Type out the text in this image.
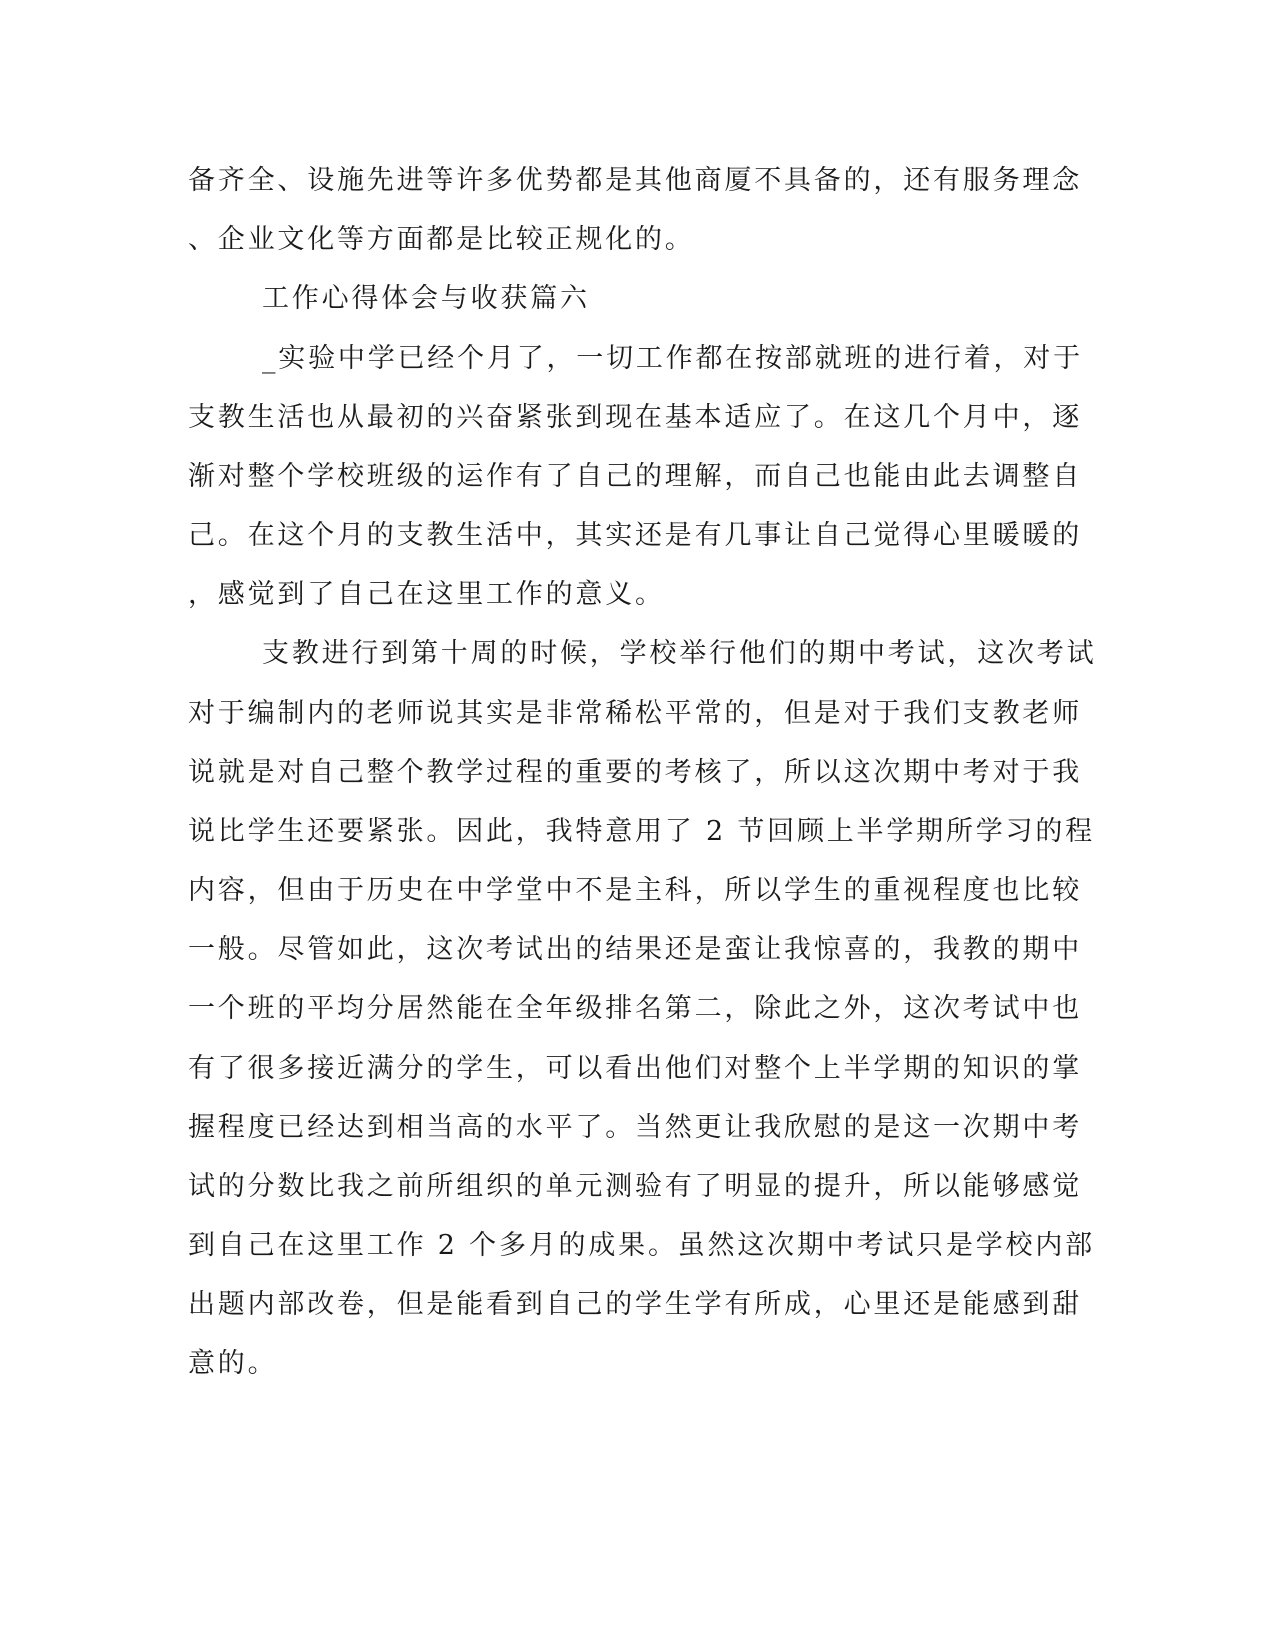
备齐全、设施先进等许多优势都是其他商厦不具备的，还有服务理念
、企业文化等方面都是比较正规化的。
工作心得体会与收获篇六
_实验中学已经个月了，一切工作都在按部就班的进行着，对于
支教生活也从最初的兴奋紧张到现在基本适应了。在这几个月中，逐
渐对整个学校班级的运作有了自己的理解，而自己也能由此去调整自
己。在这个月的支教生活中，其实还是有几事让自己觉得心里暖暖的
，感觉到了自己在这里工作的意义。
支教进行到第十周的时候，学校举行他们的期中考试，这次考试
对于编制内的老师说其实是非常稀松平常的，但是对于我们支教老师
说就是对自己整个教学过程的重要的考核了，所以这次期中考对于我
说比学生还要紧张。因此，我特意用了 2 节回顾上半学期所学习的程
内容，但由于历史在中学堂中不是主科，所以学生的重视程度也比较
一般。尽管如此，这次考试出的结果还是蛮让我惊喜的，我教的期中
一个班的平均分居然能在全年级排名第二，除此之外，这次考试中也
有了很多接近满分的学生，可以看出他们对整个上半学期的知识的掌
握程度已经达到相当高的水平了。当然更让我欣慰的是这一次期中考
试的分数比我之前所组织的单元测验有了明显的提升，所以能够感觉
到自己在这里工作 2 个多月的成果。虽然这次期中考试只是学校内部
出题内部改卷，但是能看到自己的学生学有所成，心里还是能感到甜
意的。
